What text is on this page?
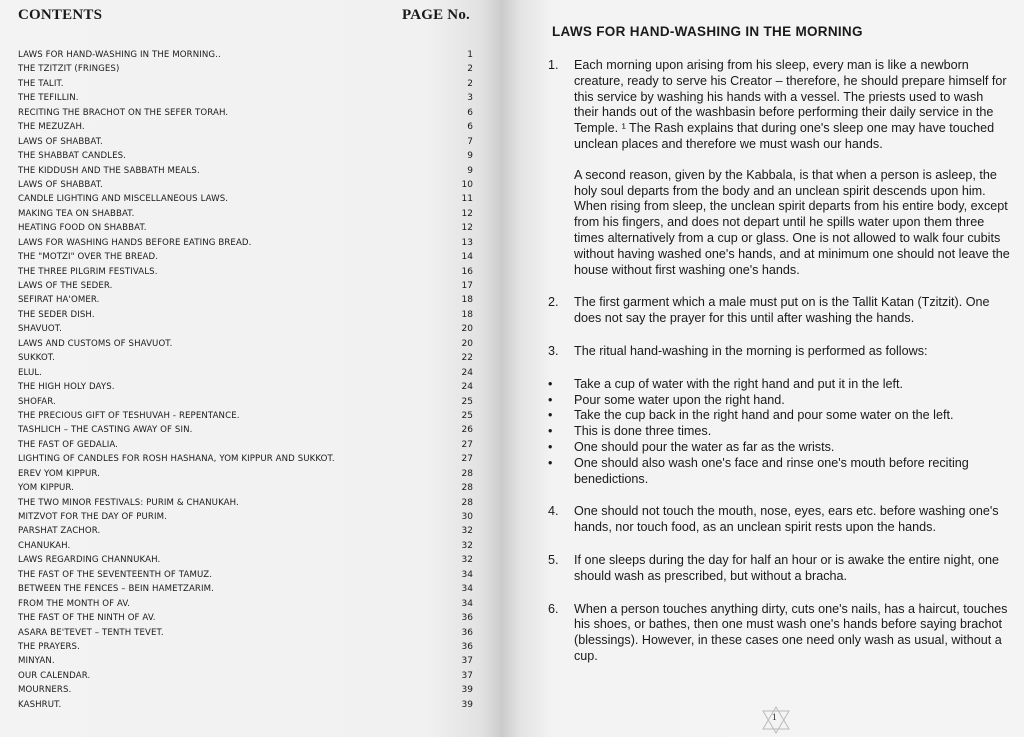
CONTENTS	PAGE No.
LAWS FOR HAND-WASHING IN THE MORNING..	1
THE TZITZIT (FRINGES)	2
THE TALIT.	2
THE TEFILLIN.	3
RECITING THE BRACHOT ON THE SEFER TORAH.	6
THE MEZUZAH.	6
LAWS OF SHABBAT.	7
THE SHABBAT CANDLES.	9
THE KIDDUSH AND THE SABBATH MEALS.	9
LAWS OF SHABBAT.	10
CANDLE LIGHTING AND MISCELLANEOUS LAWS.	11
MAKING TEA ON SHABBAT.	12
HEATING FOOD ON SHABBAT.	12
LAWS FOR WASHING HANDS BEFORE EATING BREAD.	13
THE "MOTZI" OVER THE BREAD.	14
THE THREE PILGRIM FESTIVALS.	16
LAWS OF THE SEDER.	17
SEFIRAT HA'OMER.	18
THE SEDER DISH.	18
SHAVUOT.	20
LAWS AND CUSTOMS OF SHAVUOT.	20
SUKKOT.	22
ELUL.	24
THE HIGH HOLY DAYS.	24
SHOFAR.	25
THE PRECIOUS GIFT OF TESHUVAH - REPENTANCE.	25
TASHLICH – THE CASTING AWAY OF SIN.	26
THE FAST OF GEDALIA.	27
LIGHTING OF CANDLES FOR ROSH HASHANA, YOM KIPPUR AND SUKKOT.	27
EREV YOM KIPPUR.	28
YOM KIPPUR.	28
THE TWO MINOR FESTIVALS: PURIM & CHANUKAH.	28
MITZVOT FOR THE DAY OF PURIM.	30
PARSHAT ZACHOR.	32
CHANUKAH.	32
LAWS REGARDING CHANNUKAH.	32
THE FAST OF THE SEVENTEENTH OF TAMUZ.	34
BETWEEN THE FENCES – BEIN HAMETZARIM.	34
FROM THE MONTH OF AV.	34
THE FAST OF THE NINTH OF AV.	36
ASARA BE'TEVET – TENTH TEVET.	36
THE PRAYERS.	36
MINYAN.	37
OUR CALENDAR.	37
MOURNERS.	39
KASHRUT.	39
LAWS FOR HAND-WASHING IN THE MORNING
1.	Each morning upon arising from his sleep, every man is like a newborn creature, ready to serve his Creator – therefore, he should prepare himself for this service by washing his hands with a vessel. The priests used to wash their hands out of the washbasin before performing their daily service in the Temple. ¹ The Rash explains that during one's sleep one may have touched unclean places and therefore we must wash our hands.

A second reason, given by the Kabbala, is that when a person is asleep, the holy soul departs from the body and an unclean spirit descends upon him. When rising from sleep, the unclean spirit departs from his entire body, except from his fingers, and does not depart until he spills water upon them three times alternatively from a cup or glass. One is not allowed to walk four cubits without having washed one's hands, and at minimum one should not leave the house without first washing one's hands.

2.	The first garment which a male must put on is the Tallit Katan (Tzitzit). One does not say the prayer for this until after washing the hands.

3.	The ritual hand-washing in the morning is performed as follows:

•	Take a cup of water with the right hand and put it in the left.
•	Pour some water upon the right hand.
•	Take the cup back in the right hand and pour some water on the left.
•	This is done three times.
•	One should pour the water as far as the wrists.
•	One should also wash one's face and rinse one's mouth before reciting benedictions.
4.	One should not touch the mouth, nose, eyes, ears etc. before washing one's hands, nor touch food, as an unclean spirit rests upon the hands.

5.	If one sleeps during the day for half an hour or is awake the entire night, one should wash as prescribed, but without a bracha.

6.	When a person touches anything dirty, cuts one's nails, has a haircut, touches his shoes, or bathes, then one must wash one's hands before saying brachot (blessings). However, in these cases one need only wash as usual, without a cup.

1
